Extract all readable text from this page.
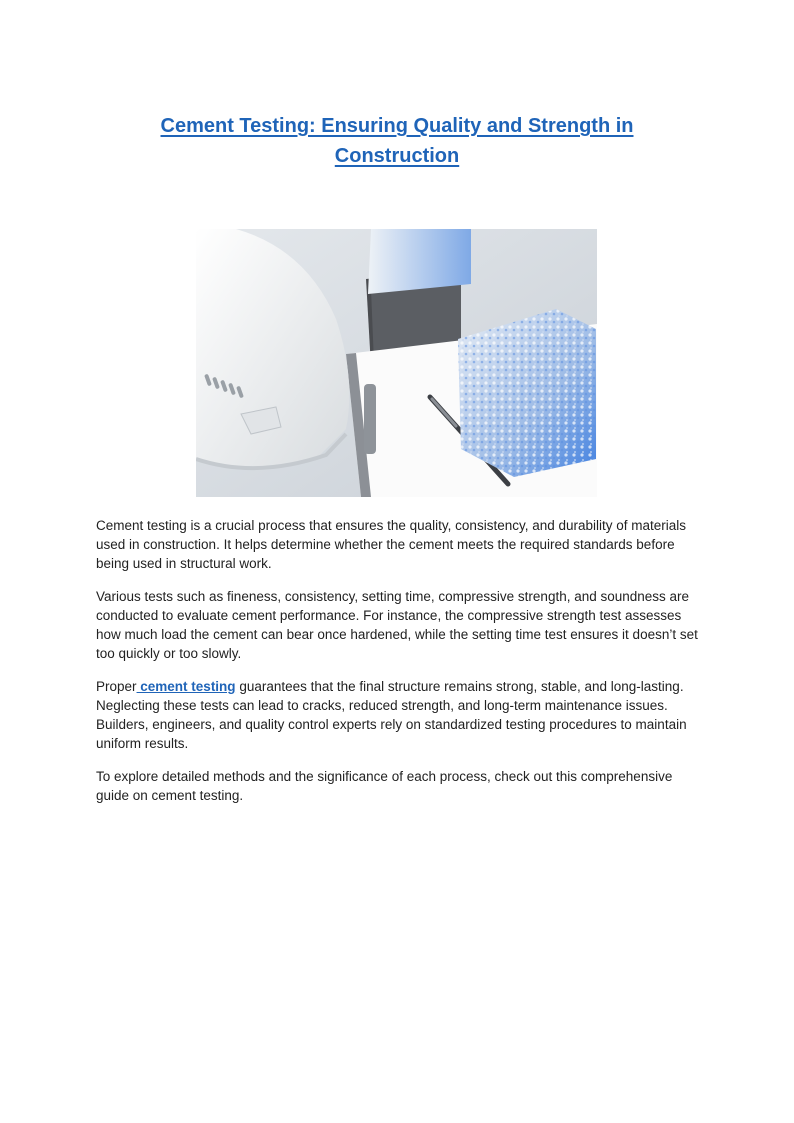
Cement Testing: Ensuring Quality and Strength in Construction

Cement testing is a crucial process that ensures the quality, consistency, and durability of materials used in construction. It helps determine whether the cement meets the required standards before being used in structural work.

Various tests such as fineness, consistency, setting time, compressive strength, and soundness are conducted to evaluate cement performance. For instance, the compressive strength test assesses how much load the cement can bear once hardened, while the setting time test ensures it doesn’t set too quickly or too slowly.

Proper cement testing guarantees that the final structure remains strong, stable, and long-lasting. Neglecting these tests can lead to cracks, reduced strength, and long-term maintenance issues. Builders, engineers, and quality control experts rely on standardized testing procedures to maintain uniform results.

To explore detailed methods and the significance of each process, check out this comprehensive guide on cement testing.
